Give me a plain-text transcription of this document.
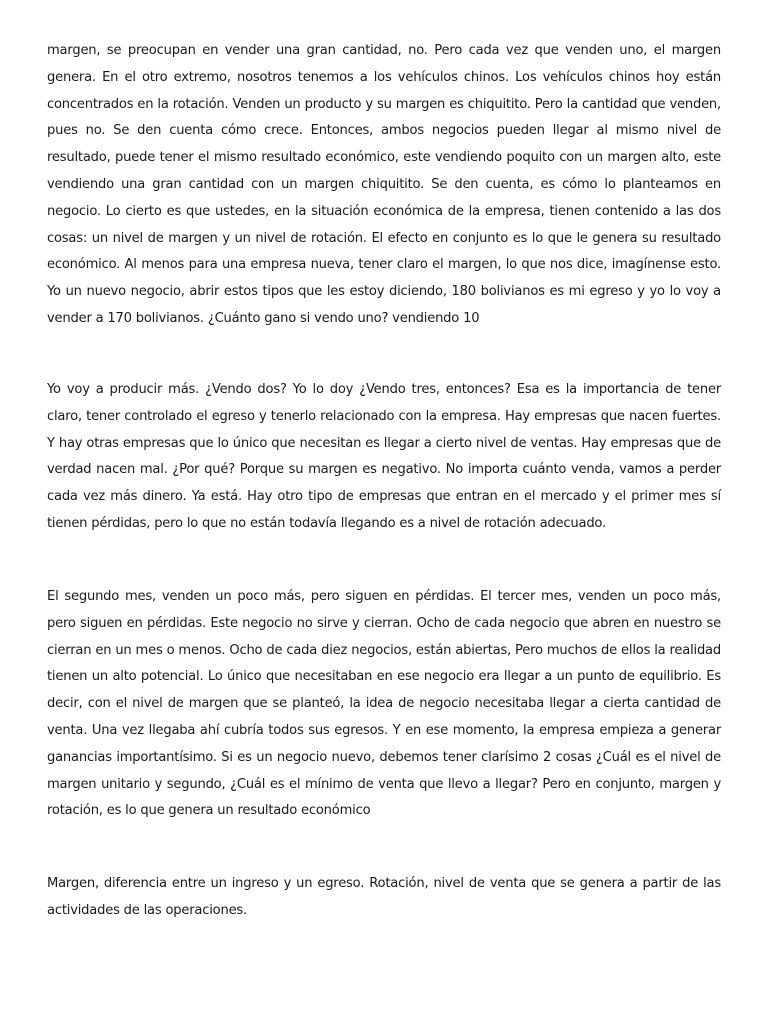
margen, se preocupan en vender una gran cantidad, no. Pero cada vez que venden uno, el margen genera. En el otro extremo, nosotros tenemos a los vehículos chinos. Los vehículos chinos hoy están concentrados en la rotación. Venden un producto y su margen es chiquitito. Pero la cantidad que venden, pues no. Se den cuenta cómo crece. Entonces, ambos negocios pueden llegar al mismo nivel de resultado, puede tener el mismo resultado económico, este vendiendo poquito con un margen alto, este vendiendo una gran cantidad con un margen chiquitito. Se den cuenta, es cómo lo planteamos en negocio. Lo cierto es que ustedes, en la situación económica de la empresa, tienen contenido a las dos cosas: un nivel de margen y un nivel de rotación. El efecto en conjunto es lo que le genera su resultado económico. Al menos para una empresa nueva, tener claro el margen, lo que nos dice, imagínense esto. Yo un nuevo negocio, abrir estos tipos que les estoy diciendo, 180 bolivianos es mi egreso y yo lo voy a vender a 170 bolivianos. ¿Cuánto gano si vendo uno? vendiendo 10

Yo voy a producir más. ¿Vendo dos? Yo lo doy ¿Vendo tres, entonces? Esa es la importancia de tener claro, tener controlado el egreso y tenerlo relacionado con la empresa. Hay empresas que nacen fuertes. Y hay otras empresas que lo único que necesitan es llegar a cierto nivel de ventas. Hay empresas que de verdad nacen mal. ¿Por qué? Porque su margen es negativo. No importa cuánto venda, vamos a perder cada vez más dinero. Ya está. Hay otro tipo de empresas que entran en el mercado y el primer mes sí tienen pérdidas, pero lo que no están todavía llegando es a nivel de rotación adecuado.

El segundo mes, venden un poco más, pero siguen en pérdidas. El tercer mes, venden un poco más, pero siguen en pérdidas. Este negocio no sirve y cierran. Ocho de cada negocio que abren en nuestro se cierran en un mes o menos. Ocho de cada diez negocios, están abiertas, Pero muchos de ellos la realidad tienen un alto potencial. Lo único que necesitaban en ese negocio era llegar a un punto de equilibrio. Es decir, con el nivel de margen que se planteó, la idea de negocio necesitaba llegar a cierta cantidad de venta. Una vez llegaba ahí cubría todos sus egresos. Y en ese momento, la empresa empieza a generar ganancias importantísimo. Si es un negocio nuevo, debemos tener clarísimo 2 cosas ¿Cuál es el nivel de margen unitario y segundo, ¿Cuál es el mínimo de venta que llevo a llegar? Pero en conjunto, margen y rotación, es lo que genera un resultado económico

Margen, diferencia entre un ingreso y un egreso. Rotación, nivel de venta que se genera a partir de las actividades de las operaciones.
